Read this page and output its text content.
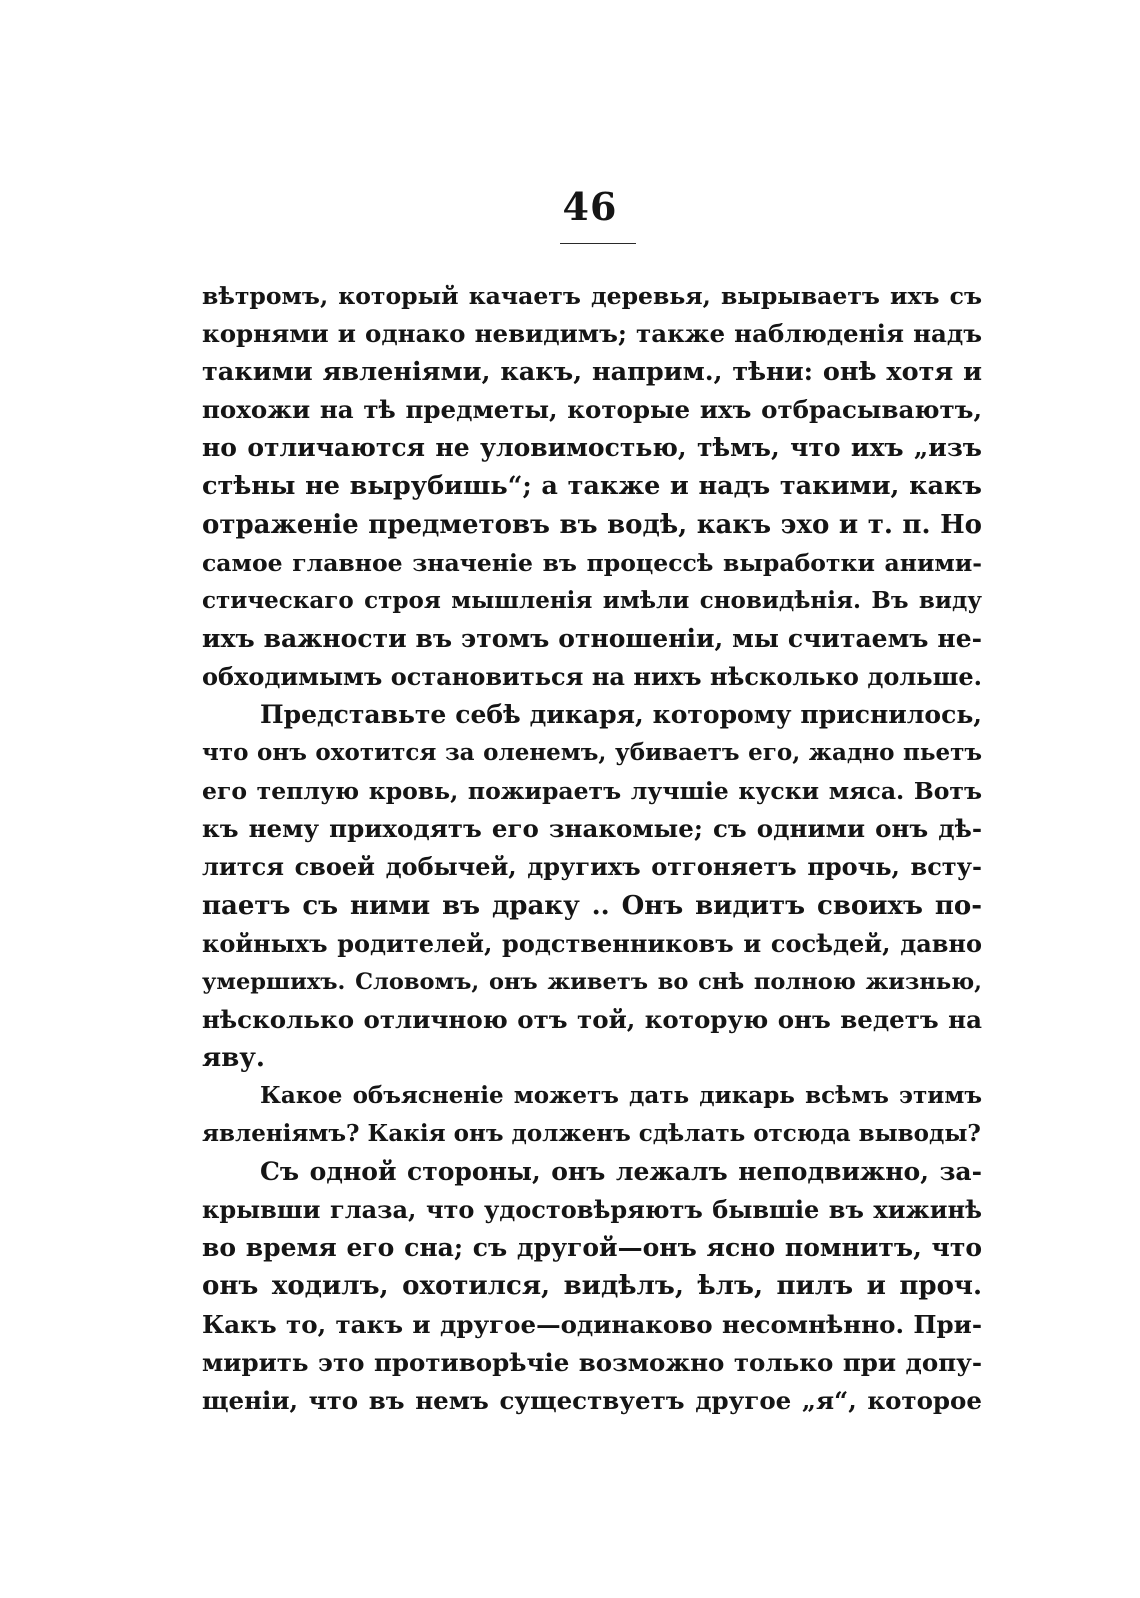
46
вѣтромъ, который качаетъ деревья, вырываетъ ихъ съ
корнями и однако невидимъ; также наблюденія надъ
такими явленіями, какъ, наприм., тѣни: онѣ хотя и
похожи на тѣ предметы, которые ихъ отбрасываютъ,
но отличаются не уловимостью, тѣмъ, что ихъ „изъ
стѣны не вырубишь“; а также и надъ такими, какъ
отраженіе предметовъ въ водѣ, какъ эхо и т. п. Но
самое главное значеніе въ процессѣ выработки аними-
стическаго строя мышленія имѣли сновидѣнія. Въ виду
ихъ важности въ этомъ отношеніи, мы считаемъ не-
обходимымъ остановиться на нихъ нѣсколько дольше.
Представьте себѣ дикаря, которому приснилось,
что онъ охотится за оленемъ, убиваетъ его, жадно пьетъ
его теплую кровь, пожираетъ лучшіе куски мяса. Вотъ
къ нему приходятъ его знакомые; съ одними онъ дѣ-
лится своей добычей, другихъ отгоняетъ прочь, всту-
паетъ съ ними въ драку .. Онъ видитъ своихъ по-
койныхъ родителей, родственниковъ и сосѣдей, давно
умершихъ. Словомъ, онъ живетъ во снѣ полною жизнью,
нѣсколько отличною отъ той, которую онъ ведетъ на
яву.
Какое объясненіе можетъ дать дикарь всѣмъ этимъ
явленіямъ? Какія онъ долженъ сдѣлать отсюда выводы?
Съ одной стороны, онъ лежалъ неподвижно, за-
крывши глаза, что удостовѣряютъ бывшіе въ хижинѣ
во время его сна; съ другой—онъ ясно помнитъ, что
онъ ходилъ, охотился, видѣлъ, ѣлъ, пилъ и проч.
Какъ то, такъ и другое—одинаково несомнѣнно. При-
мирить это противорѣчіе возможно только при допу-
щеніи, что въ немъ существуетъ другое „я“, которое
